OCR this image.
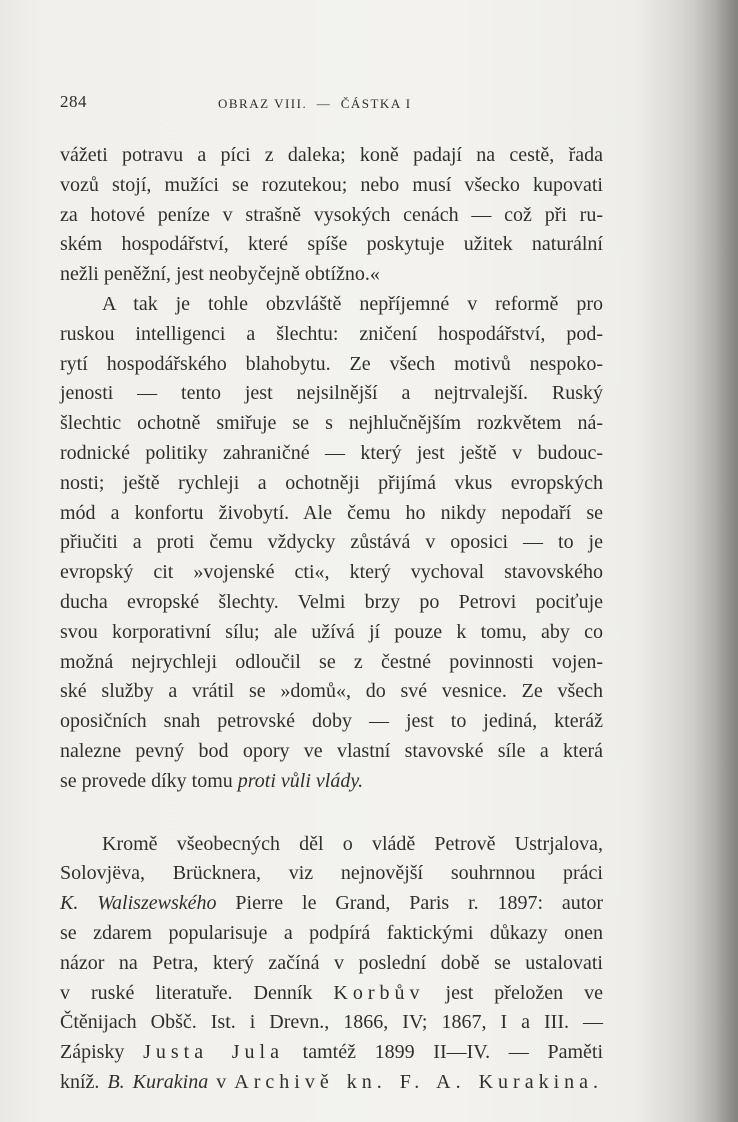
284	OBRAZ VIII.  —  ČÁSTKA I
vážeti potravu a píci z daleka; koně padají na cestě, řada
vozů stojí, mužíci se rozutekou; nebo musí všecko kupovati
za hotové peníze v strašně vysokých cenách — což při ru-
ském hospodářství, které spíše poskytuje užitek naturální
nežli peněžní, jest neobyčejně obtížno.«
A tak je tohle obzvláště nepříjemné v reformě pro
ruskou intelligenci a šlechtu: zničení hospodářství, pod-
rytí hospodářského blahobytu. Ze všech motivů nespoko-
jenosti — tento jest nejsilnější a nejtrvalejší. Ruský
šlechtic ochotně smiřuje se s nejhlučnějším rozkvětem ná-
rodnické politiky zahraničné — který jest ještě v budouc-
nosti; ještě rychleji a ochotněji přijímá vkus evropských
mód a konfortu živobytí. Ale čemu ho nikdy nepodaří se
přiučiti a proti čemu vždycky zůstává v oposici — to je
evropský cit »vojenské cti«, který vychoval stavovského
ducha evropské šlechty. Velmi brzy po Petrovi pociťuje
svou korporativní sílu; ale užívá jí pouze k tomu, aby co
možná nejrychleji odloučil se z čestné povinnosti vojen-
ské služby a vrátil se »domů«, do své vesnice. Ze všech
oposičních snah petrovské doby — jest to jediná, kteráž
nalezne pevný bod opory ve vlastní stavovské síle a která
se provede díky tomu proti vůli vlády.
Kromě všeobecných děl o vládě Petrově Ustrjalova,
Solovjëva, Brücknera, viz nejnovější souhrnnou práci
K. Waliszewského Pierre le Grand, Paris r. 1897: autor
se zdarem popularisuje a podpírá faktickými důkazy onen
názor na Petra, který začíná v poslední době se ustalovati
v ruské literatuře. Denník Korbův jest přeložen ve
Čtěnijach Obšč. Ist. i Drevn., 1866, IV; 1867, I a III. —
Zápisky Justa Jula tamtéž 1899 II—IV. — Paměti
kníž. B. Kurakina v Archivě kn. F. A. Kurakina.
